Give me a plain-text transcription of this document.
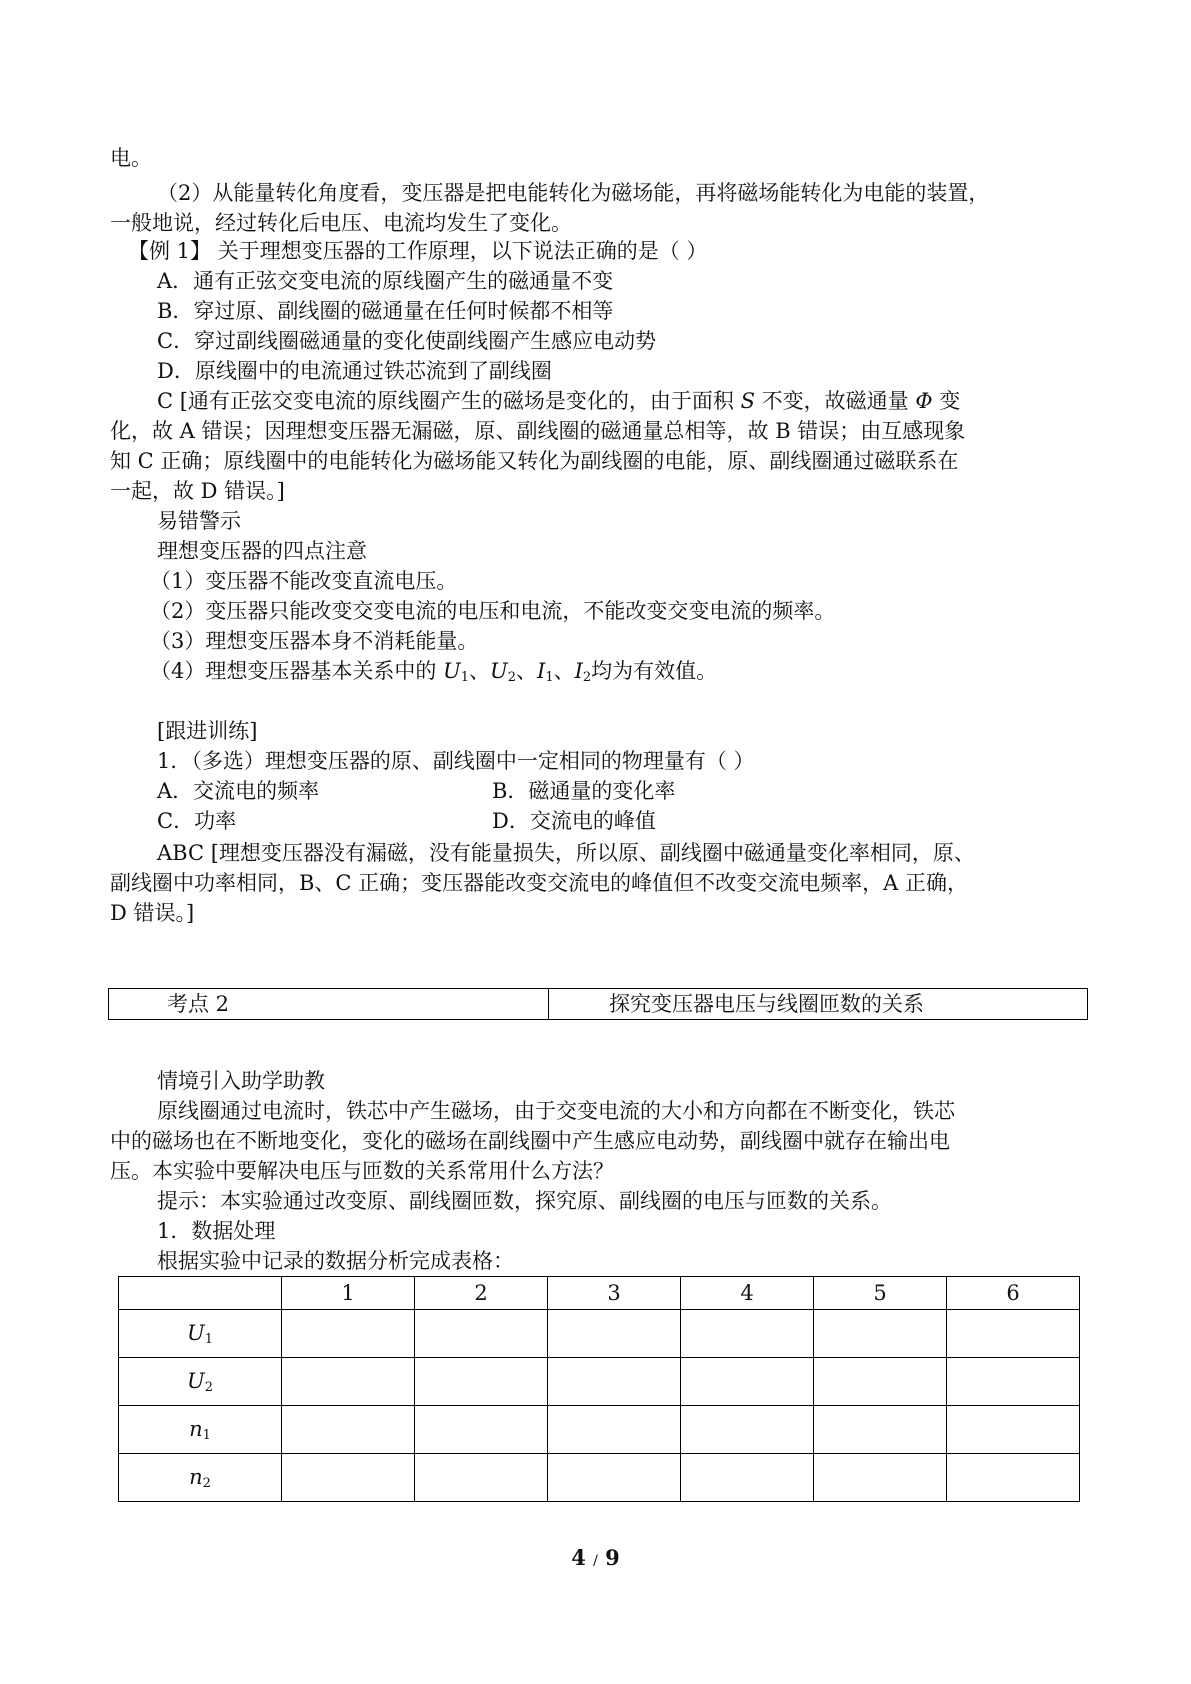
电。
（2）从能量转化角度看，变压器是把电能转化为磁场能，再将磁场能转化为电能的装置，
一般地说，经过转化后电压、电流均发生了变化。
【例 1】 关于理想变压器的工作原理，以下说法正确的是（ ）
A．通有正弦交变电流的原线圈产生的磁通量不变
B．穿过原、副线圈的磁通量在任何时候都不相等
C．穿过副线圈磁通量的变化使副线圈产生感应电动势
D．原线圈中的电流通过铁芯流到了副线圈
C [通有正弦交变电流的原线圈产生的磁场是变化的，由于面积 S 不变，故磁通量 Φ 变
化，故 A 错误；因理想变压器无漏磁，原、副线圈的磁通量总相等，故 B 错误；由互感现象
知 C 正确；原线圈中的电能转化为磁场能又转化为副线圈的电能，原、副线圈通过磁联系在
一起，故 D 错误。]
易错警示
理想变压器的四点注意
（1）变压器不能改变直流电压。
（2）变压器只能改变交变电流的电压和电流，不能改变交变电流的频率。
（3）理想变压器本身不消耗能量。
（4）理想变压器基本关系中的 $U_1$、$U_2$、$I_1$、$I_2$均为有效值。
[跟进训练]
1．（多选）理想变压器的原、副线圈中一定相同的物理量有（ ）
A．交流电的频率	B．磁通量的变化率
C．功率	D．交流电的峰值
ABC [理想变压器没有漏磁，没有能量损失，所以原、副线圈中磁通量变化率相同，原、
副线圈中功率相同，B、C 正确；变压器能改变交流电的峰值但不改变交流电频率，A 正确，
D 错误。]
考点 2	探究变压器电压与线圈匝数的关系
情境引入助学助教
原线圈通过电流时，铁芯中产生磁场，由于交变电流的大小和方向都在不断变化，铁芯
中的磁场也在不断地变化，变化的磁场在副线圈中产生感应电动势，副线圈中就存在输出电
压。本实验中要解决电压与匝数的关系常用什么方法？
提示：本实验通过改变原、副线圈匝数，探究原、副线圈的电压与匝数的关系。
1．数据处理
根据实验中记录的数据分析完成表格：
	1	2	3	4	5	6
$U_1$						
$U_2$						
$n_1$						
$n_2$						
4 / 9
